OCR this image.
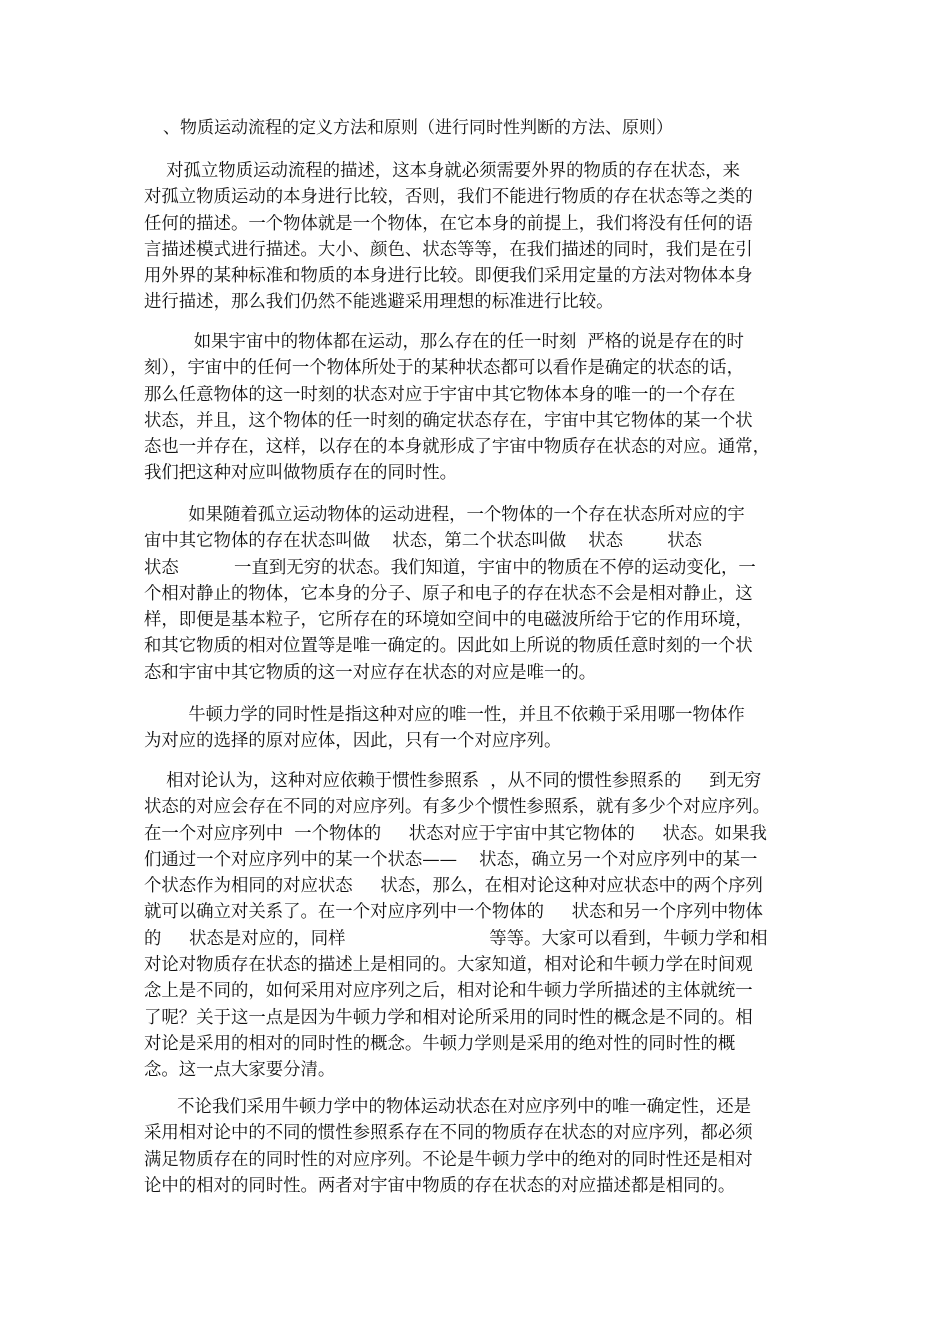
、物质运动流程的定义方法和原则（进行同时性判断的方法、原则）
对孤立物质运动流程的描述，这本身就必须需要外界的物质的存在状态，来
对孤立物质运动的本身进行比较，否则，我们不能进行物质的存在状态等之类的
任何的描述。一个物体就是一个物体，在它本身的前提上，我们将没有任何的语
言描述模式进行描述。大小、颜色、状态等等，在我们描述的同时，我们是在引
用外界的某种标准和物质的本身进行比较。即便我们采用定量的方法对物体本身
进行描述，那么我们仍然不能逃避采用理想的标准进行比较。
如果宇宙中的物体都在运动，那么存在的任一时刻  严格的说是存在的时
刻），宇宙中的任何一个物体所处于的某种状态都可以看作是确定的状态的话，
那么任意物体的这一时刻的状态对应于宇宙中其它物体本身的唯一的一个存在
状态，并且，这个物体的任一时刻的确定状态存在，宇宙中其它物体的某一个状
态也一并存在，这样，以存在的本身就形成了宇宙中物质存在状态的对应。通常，
我们把这种对应叫做物质存在的同时性。
如果随着孤立运动物体的运动进程，一个物体的一个存在状态所对应的宇
宙中其它物体的存在状态叫做    状态，第二个状态叫做    状态        状态
状态          一直到无穷的状态。我们知道，宇宙中的物质在不停的运动变化，一
个相对静止的物体，它本身的分子、原子和电子的存在状态不会是相对静止，这
样，即便是基本粒子，它所存在的环境如空间中的电磁波所给于它的作用环境，
和其它物质的相对位置等是唯一确定的。因此如上所说的物质任意时刻的一个状
态和宇宙中其它物质的这一对应存在状态的对应是唯一的。
牛顿力学的同时性是指这种对应的唯一性，并且不依赖于采用哪一物体作
为对应的选择的原对应体，因此，只有一个对应序列。
相对论认为，这种对应依赖于惯性参照系  ，从不同的惯性参照系的     到无穷
状态的对应会存在不同的对应序列。有多少个惯性参照系，就有多少个对应序列。
在一个对应序列中  一个物体的     状态对应于宇宙中其它物体的     状态。如果我
们通过一个对应序列中的某一个状态——    状态，确立另一个对应序列中的某一
个状态作为相同的对应状态     状态，那么，在相对论这种对应状态中的两个序列
就可以确立对关系了。在一个对应序列中一个物体的     状态和另一个序列中物体
的     状态是对应的，同样                          等等。大家可以看到，牛顿力学和相
对论对物质存在状态的描述上是相同的。大家知道，相对论和牛顿力学在时间观
念上是不同的，如何采用对应序列之后，相对论和牛顿力学所描述的主体就统一
了呢？关于这一点是因为牛顿力学和相对论所采用的同时性的概念是不同的。相
对论是采用的相对的同时性的概念。牛顿力学则是采用的绝对性的同时性的概
念。这一点大家要分清。
不论我们采用牛顿力学中的物体运动状态在对应序列中的唯一确定性，还是
采用相对论中的不同的惯性参照系存在不同的物质存在状态的对应序列，都必须
满足物质存在的同时性的对应序列。不论是牛顿力学中的绝对的同时性还是相对
论中的相对的同时性。两者对宇宙中物质的存在状态的对应描述都是相同的。
